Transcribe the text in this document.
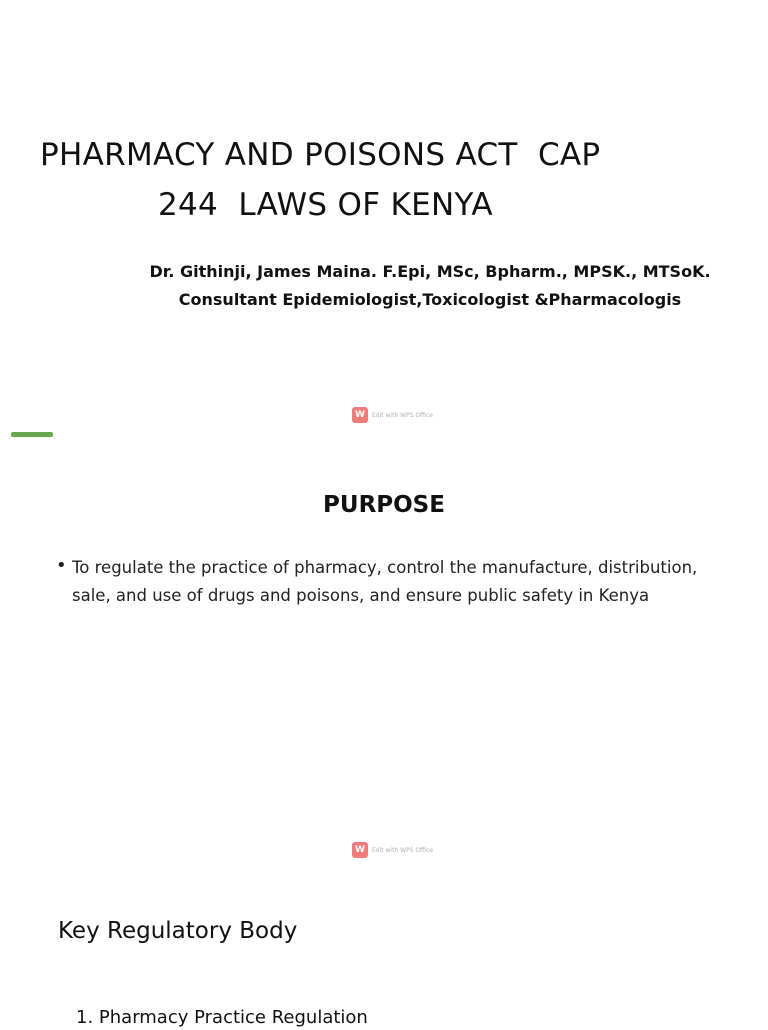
PHARMACY AND POISONS ACT  CAP
244  LAWS OF KENYA
Dr. Githinji, James Maina. F.Epi, MSc, Bpharm., MPSK., MTSoK.
Consultant Epidemiologist,Toxicologist &Pharmacologis
W	Edit with WPS Office
PURPOSE
• To regulate the practice of pharmacy, control the manufacture, distribution, sale, and use of drugs and poisons, and ensure public safety in Kenya
W	Edit with WPS Office
Key Regulatory Body
1. Pharmacy Practice Regulation
